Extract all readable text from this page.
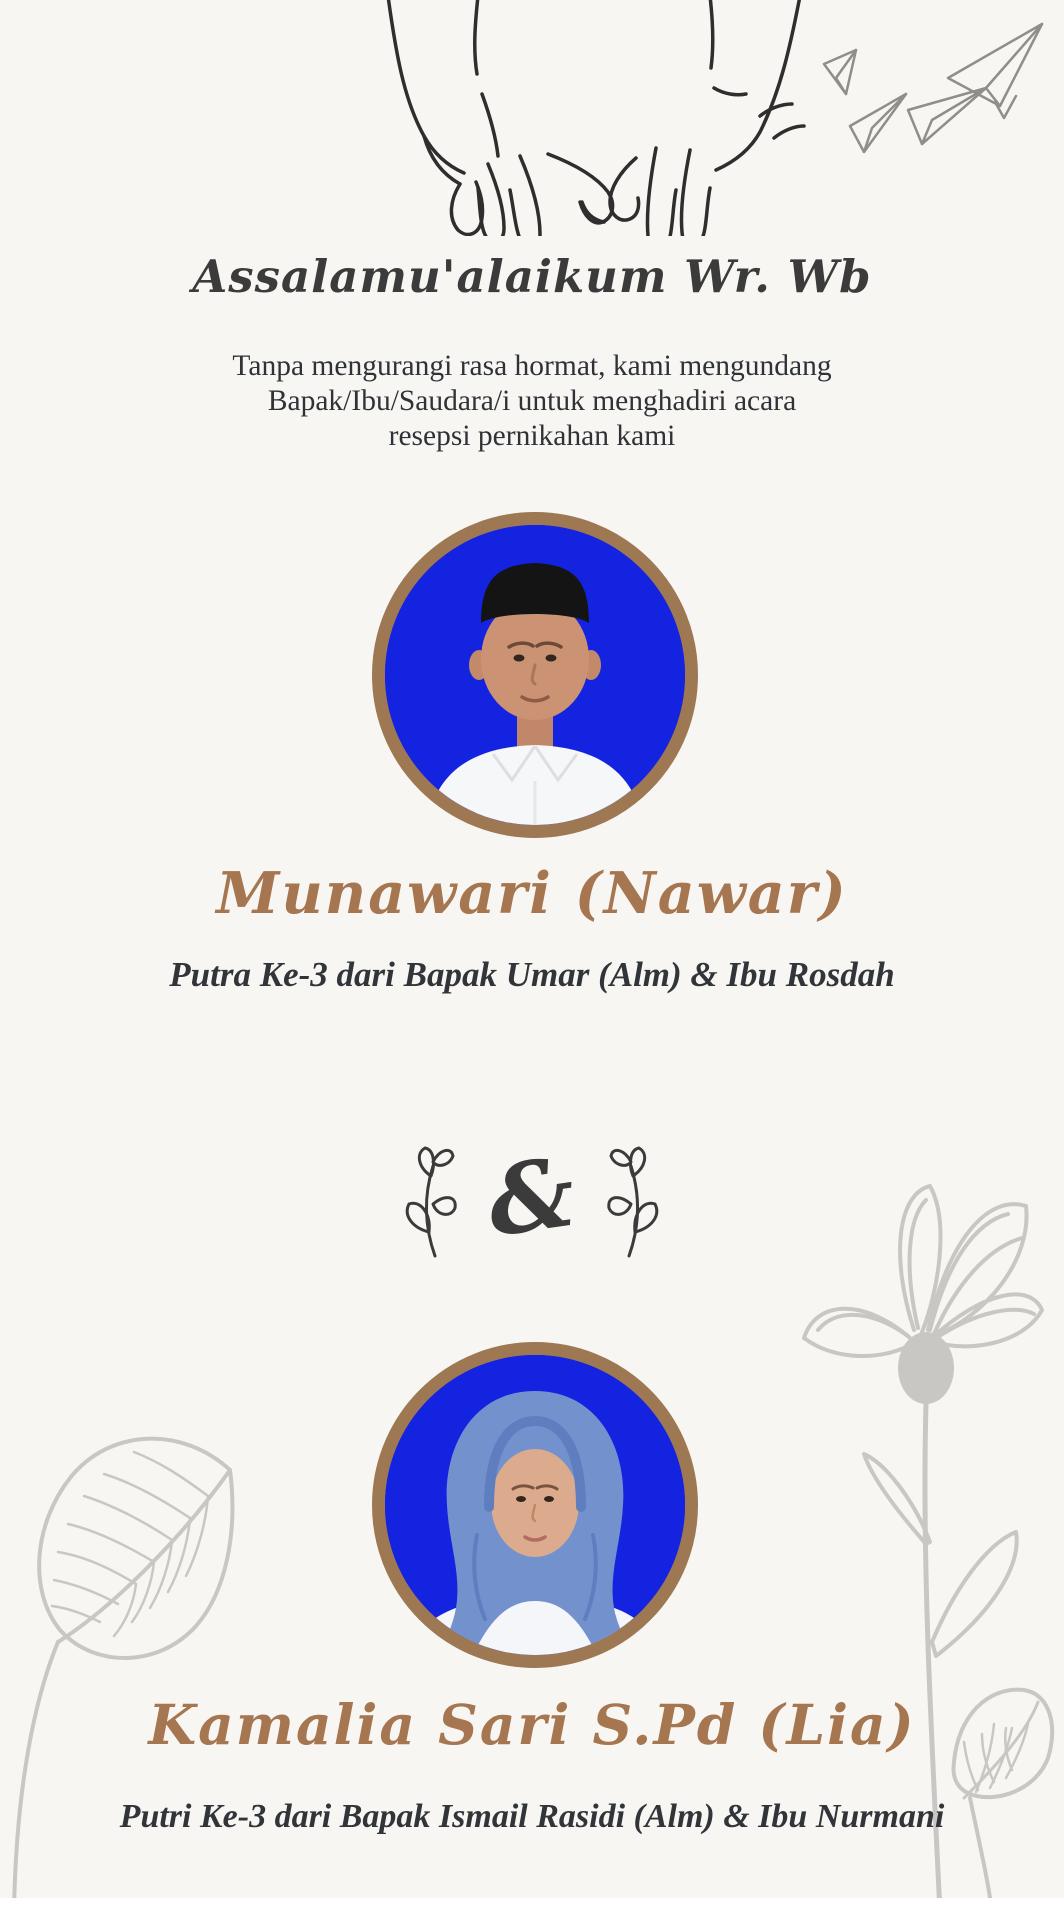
Assalamu'alaikum Wr. Wb
Tanpa mengurangi rasa hormat, kami mengundang
Bapak/Ibu/Saudara/i untuk menghadiri acara
resepsi pernikahan kami
Munawari (Nawar)
Putra Ke-3 dari Bapak Umar (Alm) & Ibu Rosdah
&
Kamalia Sari S.Pd (Lia)
Putri Ke-3 dari Bapak Ismail Rasidi (Alm) & Ibu Nurmani
